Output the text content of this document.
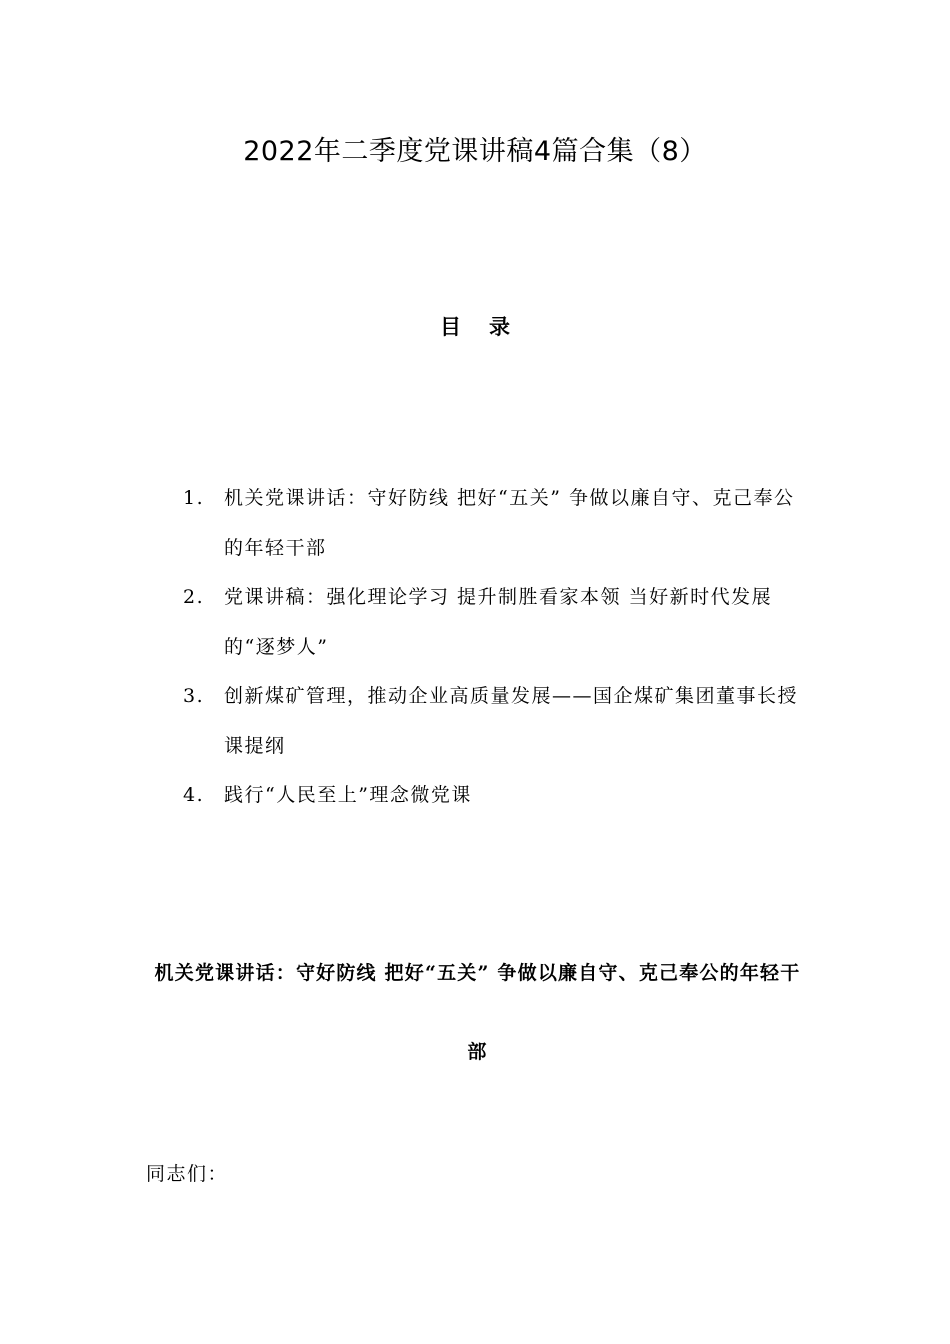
2022年二季度党课讲稿4篇合集（8）
目录
1.	机关党课讲话：守好防线 把好“五关” 争做以廉自守、克己奉公的年轻干部
2.	党课讲稿：强化理论学习 提升制胜看家本领 当好新时代发展的“逐梦人”
3.	创新煤矿管理，推动企业高质量发展——国企煤矿集团董事长授课提纲
4.	践行“人民至上”理念微党课
机关党课讲话：守好防线 把好“五关” 争做以廉自守、克己奉公的年轻干部
同志们：
